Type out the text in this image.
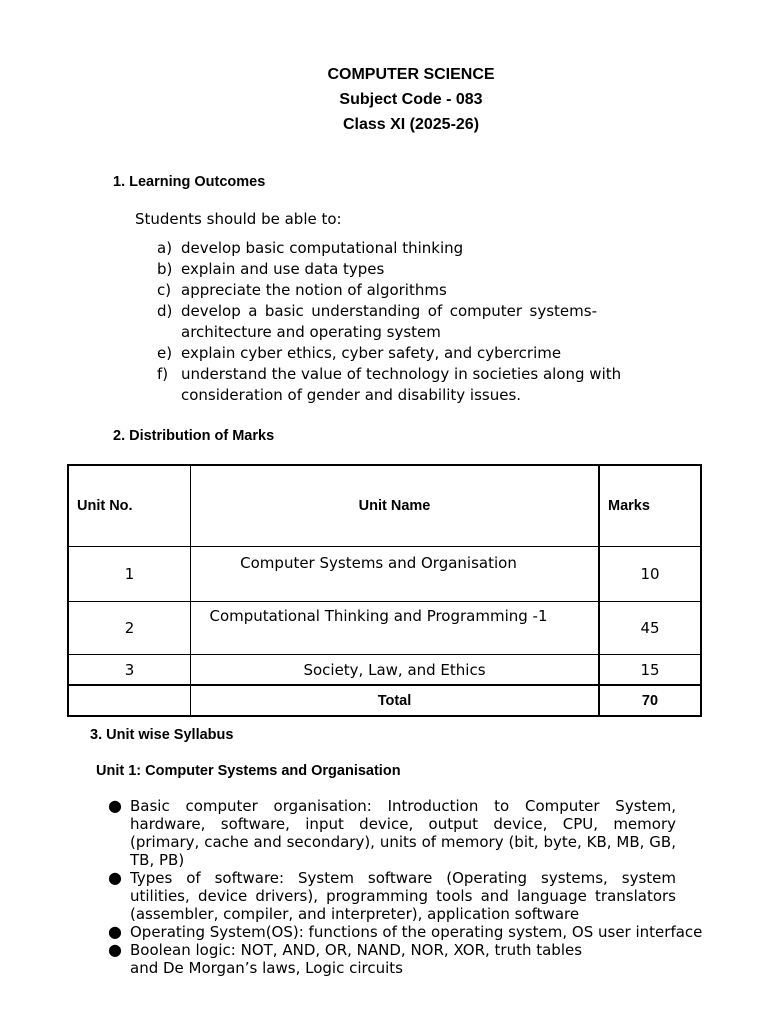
COMPUTER SCIENCE
Subject Code - 083
Class XI (2025-26)
1. Learning Outcomes
Students should be able to:
a) develop basic computational thinking
b) explain and use data types
c) appreciate the notion of algorithms
d) develop a basic understanding of computer systems- architecture and operating system
e) explain cyber ethics, cyber safety, and cybercrime
f) understand the value of technology in societies along with consideration of gender and disability issues.
2. Distribution of Marks
Unit No.	Unit Name	Marks
1	Computer Systems and Organisation	10
2	Computational Thinking and Programming -1	45
3	Society, Law, and Ethics	15
	Total	70
3. Unit wise Syllabus
Unit 1: Computer Systems and Organisation
● Basic computer organisation: Introduction to Computer System, hardware, software, input device, output device, CPU, memory (primary, cache and secondary), units of memory (bit, byte, KB, MB, GB, TB, PB)
● Types of software: System software (Operating systems, system utilities, device drivers), programming tools and language translators (assembler, compiler, and interpreter), application software
● Operating System(OS): functions of the operating system, OS user interface
● Boolean logic: NOT, AND, OR, NAND, NOR, XOR, truth tables and De Morgan’s laws, Logic circuits
